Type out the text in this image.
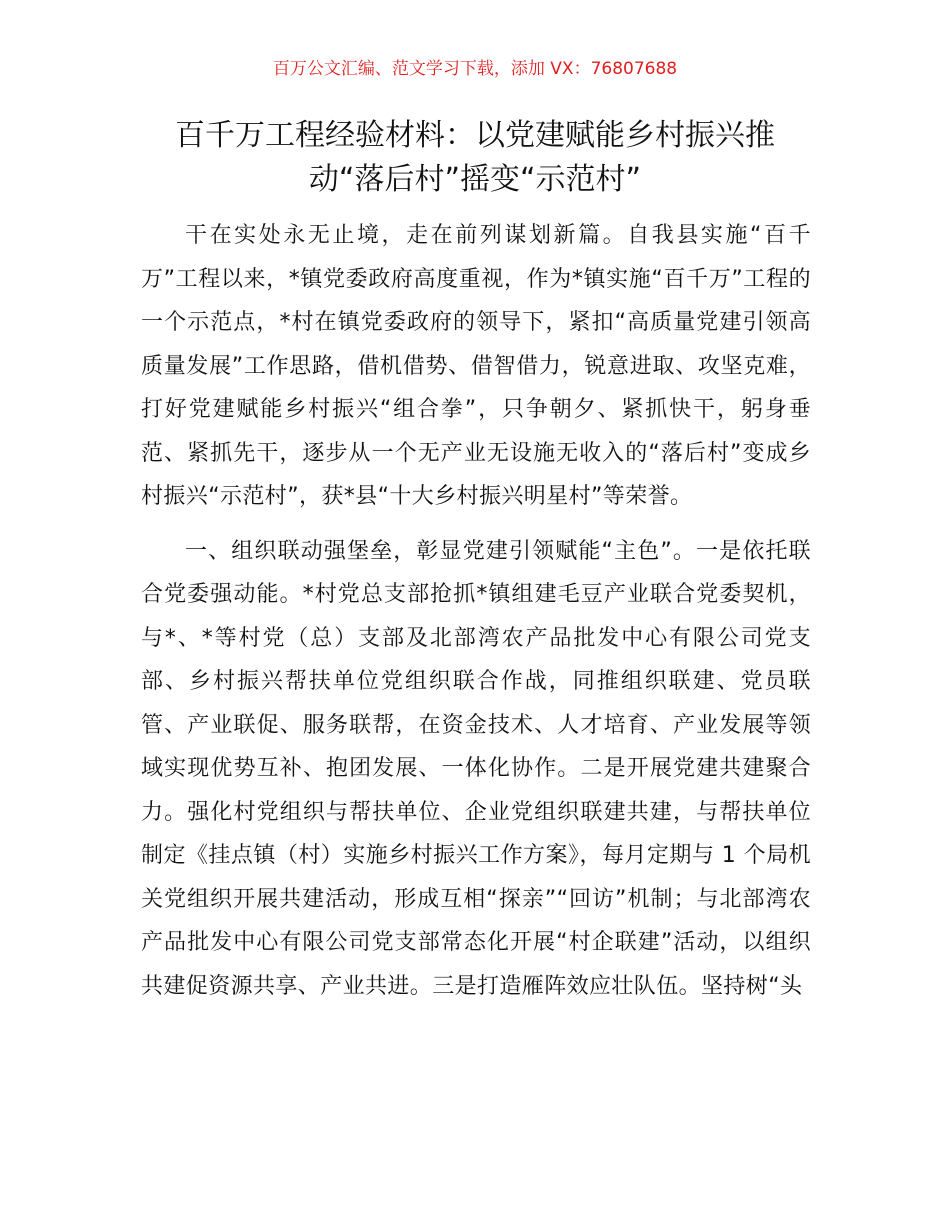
百万公文汇编、范文学习下载，添加 VX：76807688
百千万工程经验材料：以党建赋能乡村振兴推动“落后村”摇变“示范村”

干在实处永无止境，走在前列谋划新篇。自我县实施“百千万”工程以来，*镇党委政府高度重视，作为*镇实施“百千万”工程的一个示范点，*村在镇党委政府的领导下，紧扣“高质量党建引领高质量发展”工作思路，借机借势、借智借力，锐意进取、攻坚克难，打好党建赋能乡村振兴“组合拳”，只争朝夕、紧抓快干，躬身垂范、紧抓先干，逐步从一个无产业无设施无收入的“落后村”变成乡村振兴“示范村”，获*县“十大乡村振兴明星村”等荣誉。

一、组织联动强堡垒，彰显党建引领赋能“主色”。一是依托联合党委强动能。*村党总支部抢抓*镇组建毛豆产业联合党委契机，与*、*等村党（总）支部及北部湾农产品批发中心有限公司党支部、乡村振兴帮扶单位党组织联合作战，同推组织联建、党员联管、产业联促、服务联帮，在资金技术、人才培育、产业发展等领域实现优势互补、抱团发展、一体化协作。二是开展党建共建聚合力。强化村党组织与帮扶单位、企业党组织联建共建，与帮扶单位制定《挂点镇（村）实施乡村振兴工作方案》，每月定期与 1 个局机关党组织开展共建活动，形成互相“探亲”“回访”机制；与北部湾农产品批发中心有限公司党支部常态化开展“村企联建”活动，以组织共建促资源共享、产业共进。三是打造雁阵效应壮队伍。坚持树“头
